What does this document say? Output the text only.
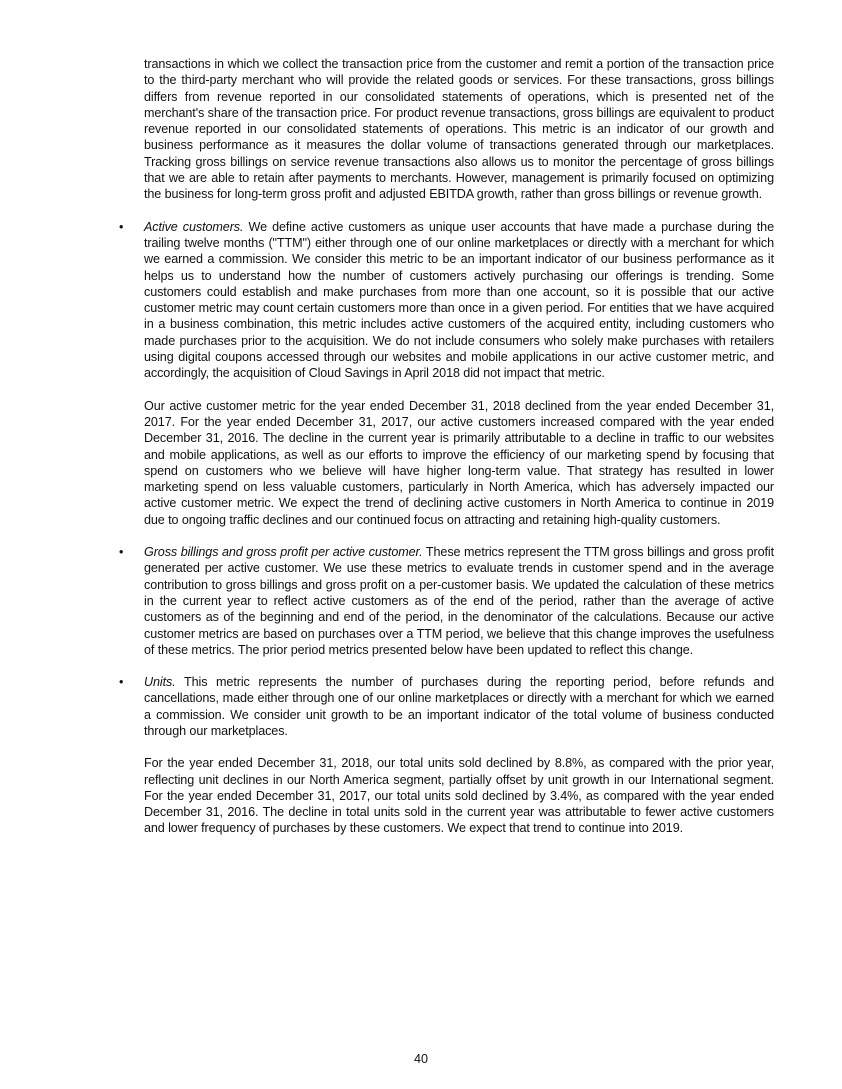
transactions in which we collect the transaction price from the customer and remit a portion of the transaction price to the third-party merchant who will provide the related goods or services. For these transactions, gross billings differs from revenue reported in our consolidated statements of operations, which is presented net of the merchant's share of the transaction price. For product revenue transactions, gross billings are equivalent to product revenue reported in our consolidated statements of operations. This metric is an indicator of our growth and business performance as it measures the dollar volume of transactions generated through our marketplaces. Tracking gross billings on service revenue transactions also allows us to monitor the percentage of gross billings that we are able to retain after payments to merchants. However, management is primarily focused on optimizing the business for long-term gross profit and adjusted EBITDA growth, rather than gross billings or revenue growth.

• Active customers. We define active customers as unique user accounts that have made a purchase during the trailing twelve months ("TTM") either through one of our online marketplaces or directly with a merchant for which we earned a commission. We consider this metric to be an important indicator of our business performance as it helps us to understand how the number of customers actively purchasing our offerings is trending. Some customers could establish and make purchases from more than one account, so it is possible that our active customer metric may count certain customers more than once in a given period. For entities that we have acquired in a business combination, this metric includes active customers of the acquired entity, including customers who made purchases prior to the acquisition. We do not include consumers who solely make purchases with retailers using digital coupons accessed through our websites and mobile applications in our active customer metric, and accordingly, the acquisition of Cloud Savings in April 2018 did not impact that metric.

Our active customer metric for the year ended December 31, 2018 declined from the year ended December 31, 2017. For the year ended December 31, 2017, our active customers increased compared with the year ended December 31, 2016. The decline in the current year is primarily attributable to a decline in traffic to our websites and mobile applications, as well as our efforts to improve the efficiency of our marketing spend by focusing that spend on customers who we believe will have higher long-term value. That strategy has resulted in lower marketing spend on less valuable customers, particularly in North America, which has adversely impacted our active customer metric. We expect the trend of declining active customers in North America to continue in 2019 due to ongoing traffic declines and our continued focus on attracting and retaining high-quality customers.

• Gross billings and gross profit per active customer. These metrics represent the TTM gross billings and gross profit generated per active customer. We use these metrics to evaluate trends in customer spend and in the average contribution to gross billings and gross profit on a per-customer basis. We updated the calculation of these metrics in the current year to reflect active customers as of the end of the period, rather than the average of active customers as of the beginning and end of the period, in the denominator of the calculations. Because our active customer metrics are based on purchases over a TTM period, we believe that this change improves the usefulness of these metrics. The prior period metrics presented below have been updated to reflect this change.

• Units. This metric represents the number of purchases during the reporting period, before refunds and cancellations, made either through one of our online marketplaces or directly with a merchant for which we earned a commission. We consider unit growth to be an important indicator of the total volume of business conducted through our marketplaces.

For the year ended December 31, 2018, our total units sold declined by 8.8%, as compared with the prior year, reflecting unit declines in our North America segment, partially offset by unit growth in our International segment. For the year ended December 31, 2017, our total units sold declined by 3.4%, as compared with the year ended December 31, 2016. The decline in total units sold in the current year was attributable to fewer active customers and lower frequency of purchases by these customers. We expect that trend to continue into 2019.

40
